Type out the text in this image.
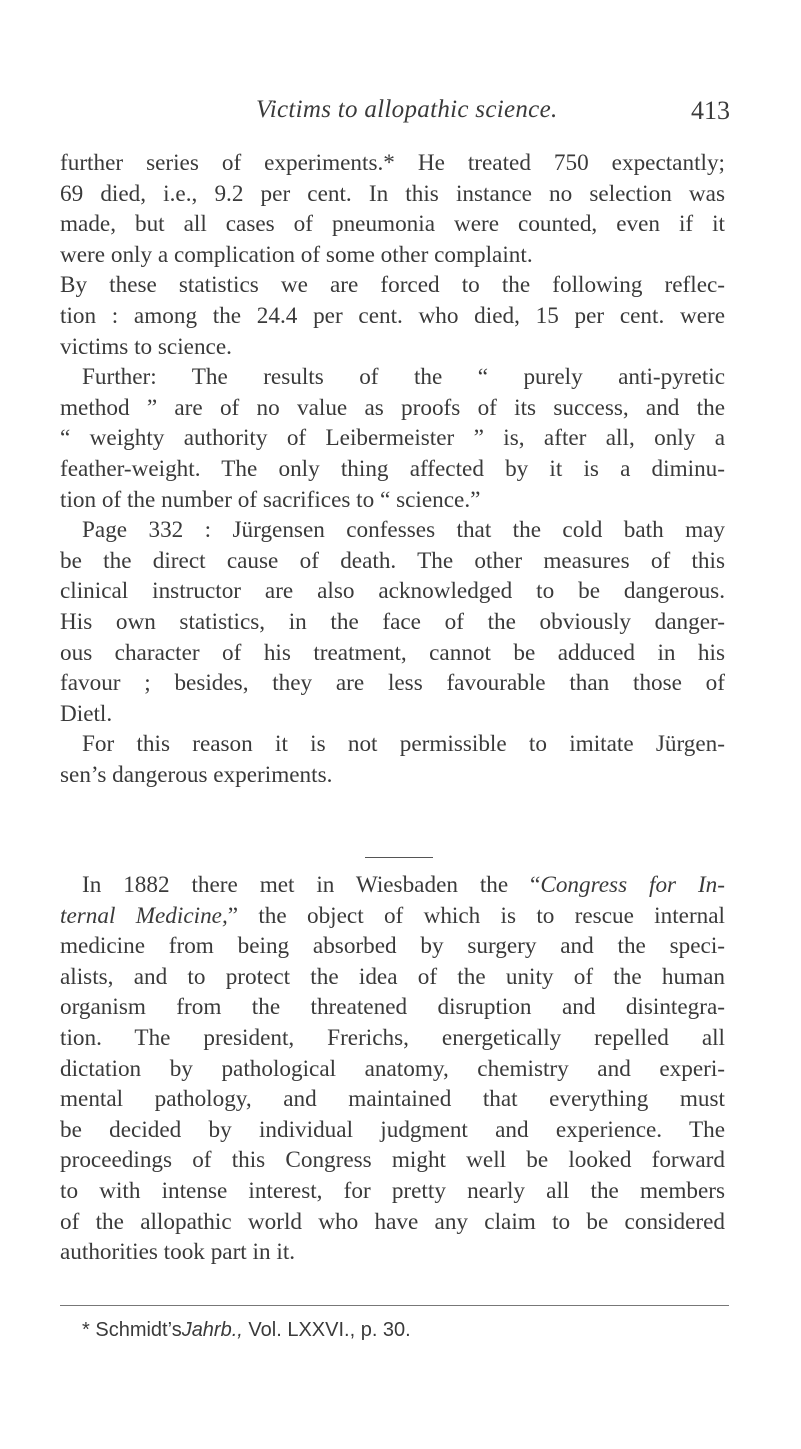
Victims to allopathic science.	413
further series of experiments.* He treated 750 expectantly;
69 died, i.e., 9.2 per cent. In this instance no selection was
made, but all cases of pneumonia were counted, even if it
were only a complication of some other complaint.
By these statistics we are forced to the following reflec-
tion : among the 24.4 per cent. who died, 15 per cent. were
victims to science.
Further: The results of the “ purely anti-pyretic
method ” are of no value as proofs of its success, and the
“ weighty authority of Leibermeister ” is, after all, only a
feather-weight. The only thing affected by it is a diminu-
tion of the number of sacrifices to “ science.”
Page 332 : Jürgensen confesses that the cold bath may
be the direct cause of death. The other measures of this
clinical instructor are also acknowledged to be dangerous.
His own statistics, in the face of the obviously danger-
ous character of his treatment, cannot be adduced in his
favour ; besides, they are less favourable than those of
Dietl.
For this reason it is not permissible to imitate Jürgen-
sen’s dangerous experiments.
In 1882 there met in Wiesbaden the “Congress for In-
ternal Medicine,” the object of which is to rescue internal
medicine from being absorbed by surgery and the speci-
alists, and to protect the idea of the unity of the human
organism from the threatened disruption and disintegra-
tion. The president, Frerichs, energetically repelled all
dictation by pathological anatomy, chemistry and experi-
mental pathology, and maintained that everything must
be decided by individual judgment and experience. The
proceedings of this Congress might well be looked forward
to with intense interest, for pretty nearly all the members
of the allopathic world who have any claim to be considered
authorities took part in it.
* Schmidt’sJahrb., Vol. LXXVI., p. 30.
